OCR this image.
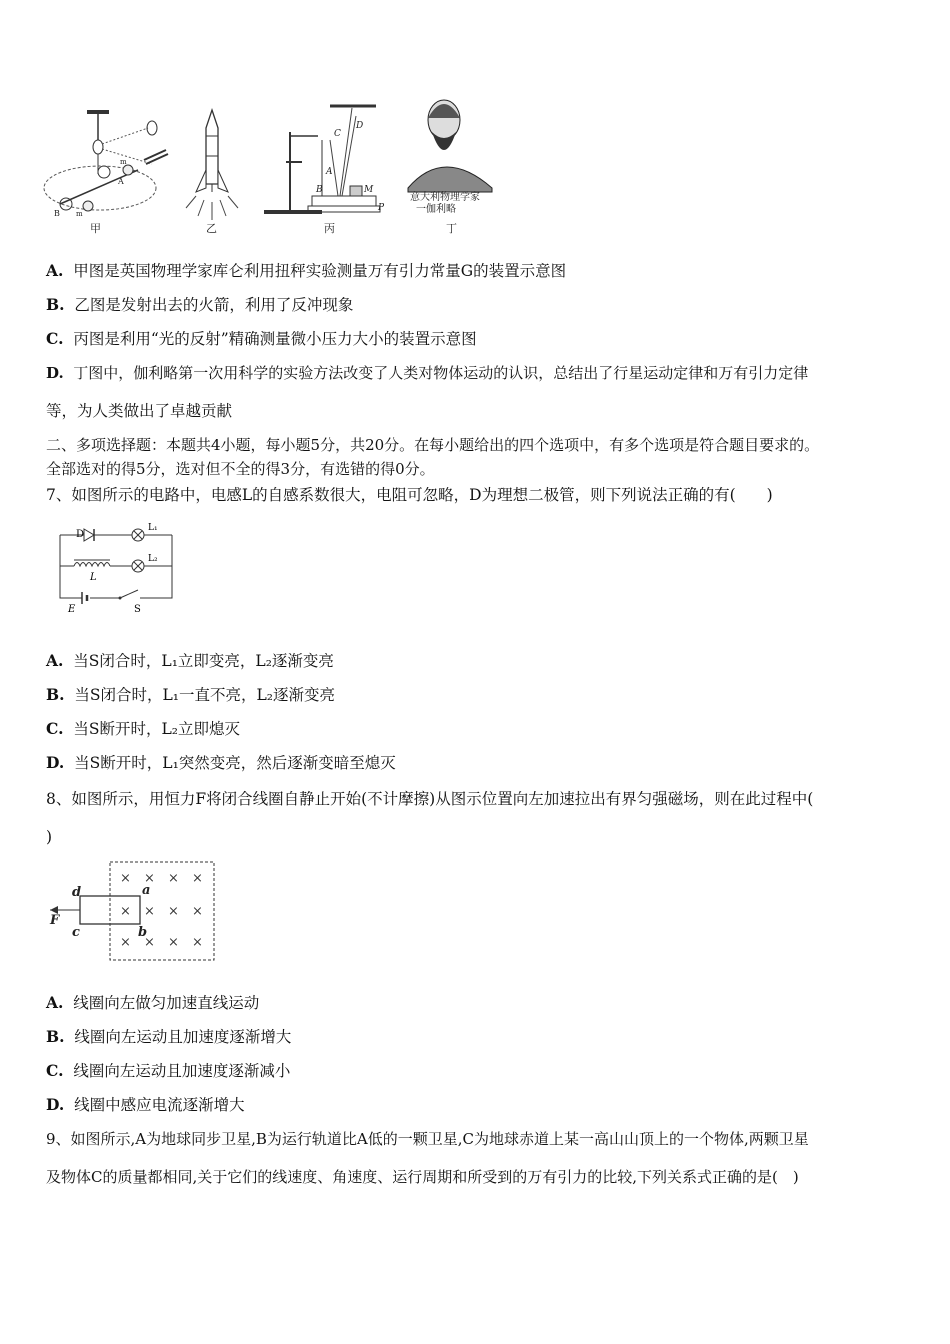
A
B
m
m
甲	乙
A
B
C
D
M
P
丙
意大利物理学家
一伽利略
丁
A. 甲图是英国物理学家库仑利用扭秤实验测量万有引力常量G的装置示意图
B. 乙图是发射出去的火箭，利用了反冲现象
C. 丙图是利用“光的反射”精确测量微小压力大小的装置示意图
D. 丁图中，伽利略第一次用科学的实验方法改变了人类对物体运动的认识，总结出了行星运动定律和万有引力定律
等，为人类做出了卓越贡献
二、多项选择题：本题共4小题，每小题5分，共20分。在每小题给出的四个选项中，有多个选项是符合题目要求的。
全部选对的得5分，选对但不全的得3分，有选错的得0分。
7、如图所示的电路中，电感L的自感系数很大，电阻可忽略，D为理想二极管，则下列说法正确的有(　　)
D
L₁
L₂
L
E	S
A. 当S闭合时，L₁立即变亮，L₂逐渐变亮
B. 当S闭合时，L₁一直不亮，L₂逐渐变亮
C. 当S断开时，L₂立即熄灭
D. 当S断开时，L₁突然变亮，然后逐渐变暗至熄灭
8、如图所示，用恒力F将闭合线圈自静止开始(不计摩擦)从图示位置向左加速拉出有界匀强磁场，则在此过程中(
)
× × × ×
× × × ×
× × × ×
a
b
c
d
F
A. 线圈向左做匀加速直线运动
B. 线圈向左运动且加速度逐渐增大
C. 线圈向左运动且加速度逐渐减小
D. 线圈中感应电流逐渐增大
9、如图所示,A为地球同步卫星,B为运行轨道比A低的一颗卫星,C为地球赤道上某一高山山顶上的一个物体,两颗卫星
及物体C的质量都相同,关于它们的线速度、角速度、运行周期和所受到的万有引力的比较,下列关系式正确的是(　)
